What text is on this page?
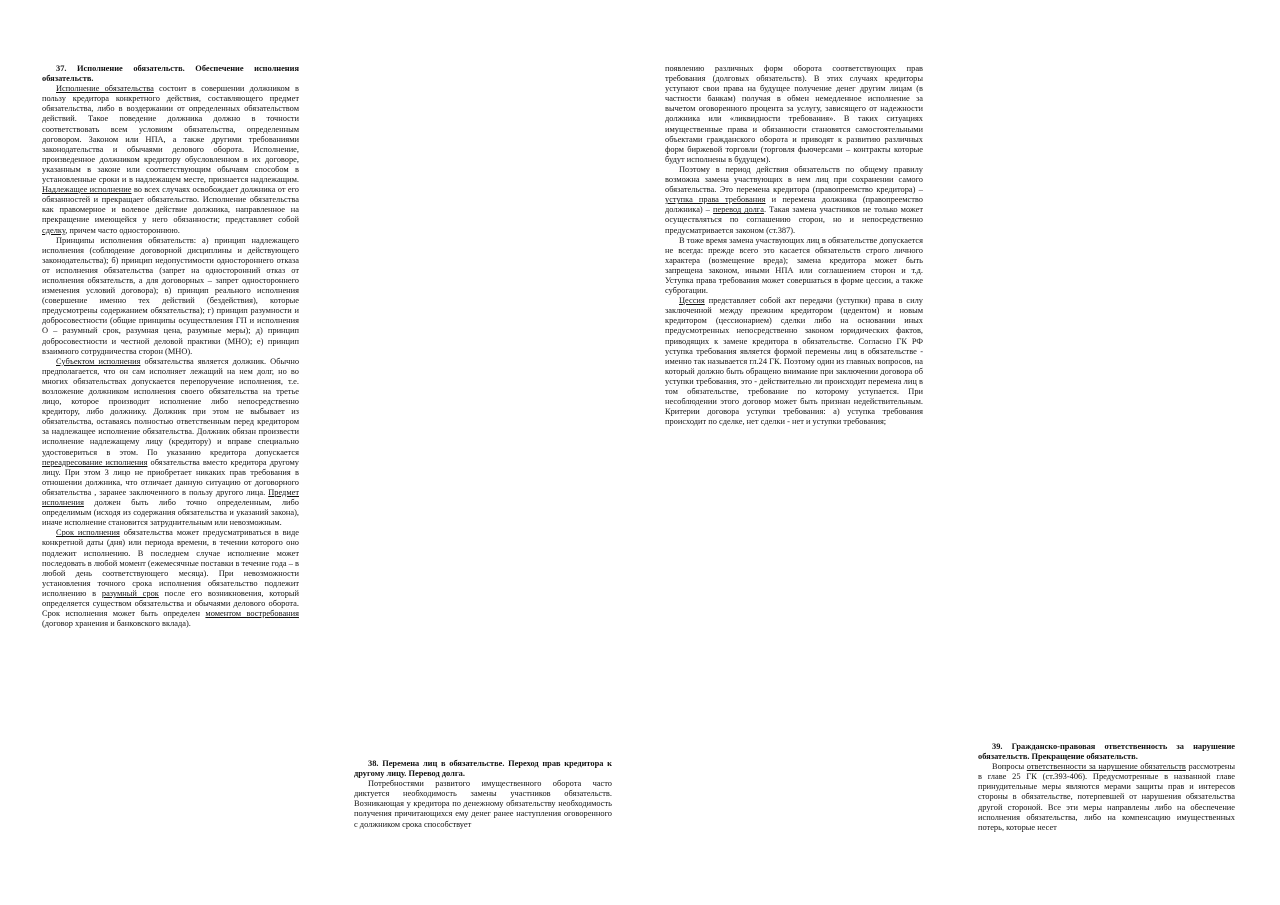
37. Исполнение обязательств. Обеспечение исполнения обязательств.

Исполнение обязательства состоит в совершении должником в пользу кредитора конкретного действия, составляющего предмет обязательства, либо в воздержании от определенных обязательством действий. Такое поведение должника должно в точности соответствовать всем условиям обязательства, определенным договором. Законом или НПА, а также другими требованиями законодательства и обычаями делового оборота. Исполнение, произведенное должником кредитору обусловленном в их договоре, указанным в законе или соответствующим обычаям способом в установленные сроки и в надлежащем месте, признается надлежащим. Надлежащее исполнение во всех случаях освобождает должника от его обязанностей и прекращает обязательство. Исполнение обязательства как правомерное и волевое действие должника, направленное на прекращение имеющейся у него обязанности; представляет собой сделку, причем часто одностороннюю.

Принципы исполнения обязательств: а) принцип надлежащего исполнения (соблюдение договорной дисциплины и действующего законодательства); б) принцип недопустимости одностороннего отказа от исполнения обязательства (запрет на односторонний отказ от исполнения обязательств, а для договорных – запрет одностороннего изменения условий договора); в) принцип реального исполнения (совершение именно тех действий (бездействия), которые предусмотрены содержанием обязательства); г) принцип разумности и добросовестности (общие принципы осуществления ГП и исполнения О – разумный срок, разумная цена, разумные меры); д) принцип добросовестности и честной деловой практики (МНО); е) принцип взаимного сотрудничества сторон (МНО).

Субъектом исполнения обязательства является должник. Обычно предполагается, что он сам исполняет лежащий на нем долг, но во многих обязательствах допускается перепоручение исполнения, т.е. возложение должником исполнения своего обязательства на третье лицо, которое производит исполнение либо непосредственно кредитору, либо должнику. Должник при этом не выбывает из обязательства, оставаясь полностью ответственным перед кредитором за надлежащее исполнение обязательства. Должник обязан произвести исполнение надлежащему лицу (кредитору) и вправе специально удостовериться в этом. По указанию кредитора допускается переадресование исполнения обязательства вместо кредитора другому лицу. При этом 3 лицо не приобретает никаких прав требования в отношении должника, что отличает данную ситуацию от договорного обязательства , заранее заключенного в пользу другого лица. Предмет исполнения должен быть либо точно определенным, либо определимым (исходя из содержания обязательства и указаний закона), иначе исполнение становится затруднительным или невозможным.

Срок исполнения обязательства может предусматриваться в виде конкретной даты (дня) или периода времени, в течении которого оно подлежит исполнению. В последнем случае исполнение может последовать в любой момент (ежемесячные поставки в течение года – в любой день соответствующего месяца). При невозможности установления точного срока исполнения обязательство подлежит исполнению в разумный срок после его возникновения, который определяется существом обязательства и обычаями делового оборота. Срок исполнения может быть определен моментом востребования (договор хранения и банковского вклада).

38. Перемена лиц в обязательстве. Переход прав кредитора к другому лицу. Перевод долга.

Потребностями развитого имущественного оборота часто диктуется необходимость замены участников обязательств. Возникающая у кредитора по денежному обязательству необходимость получения причитающихся ему денег ранее наступления оговоренного с должником срока способствует

появлению различных форм оборота соответствующих прав требования (долговых обязательств). В этих случаях кредиторы уступают свои права на будущее получение денег другим лицам (в частности банкам) получая в обмен немедленное исполнение за вычетом оговоренного процента за услугу, зависящего от надежности должника или «ликвидности требования». В таких ситуациях имущественные права и обязанности становятся самостоятельными объектами гражданского оборота и приводят к развитию различных форм биржевой торговли (торговля фьючерсами – контракты которые будут исполнены в будущем).

Поэтому в период действия обязательств по общему правилу возможна замена участвующих в нем лиц при сохранении самого обязательства. Это перемена кредитора (правопреемство кредитора) – уступка права требования и перемена должника (правопреемство должника) – перевод долга. Такая замена участников не только может осуществляться по соглашению сторон, но и непосредственно предусматривается законом (ст.387).

В тоже время замена участвующих лиц в обязательстве допускается не всегда: прежде всего это касается обязательств строго личного характера (возмещение вреда); замена кредитора может быть запрещена законом, иными НПА или соглашением сторон и т.д. Уступка права требования может совершаться в форме цессии, а также суброгации.

Цессия представляет собой акт передачи (уступки) права в силу заключенной между прежним кредитором (цедентом) и новым кредитором (цессионарием) сделки либо на основании иных предусмотренных непосредственно законом юридических фактов, приводящих к замене кредитора в обязательстве. Согласно ГК РФ уступка требования является формой перемены лиц в обязательстве - именно так называется гл.24 ГК. Поэтому один из главных вопросов, на который должно быть обращено внимание при заключении договора об уступки требования, это - действительно ли происходит перемена лиц в том обязательстве, требование по которому уступается. При несоблюдении этого договор может быть признан недействительным. Критерии договора уступки требования: а) уступка требования происходит по сделке, нет сделки - нет и уступки требования;

39. Гражданско-правовая ответственность за нарушение обязательств. Прекращение обязательств.

Вопросы ответственности за нарушение обязательств рассмотрены в главе 25 ГК (ст.393-406). Предусмотренные в названной главе принудительные меры являются мерами защиты прав и интересов стороны в обязательстве, потерпевшей от нарушения обязательства другой стороной. Все эти меры направлены либо на обеспечение исполнения обязательства, либо на компенсацию имущественных потерь, которые несет
